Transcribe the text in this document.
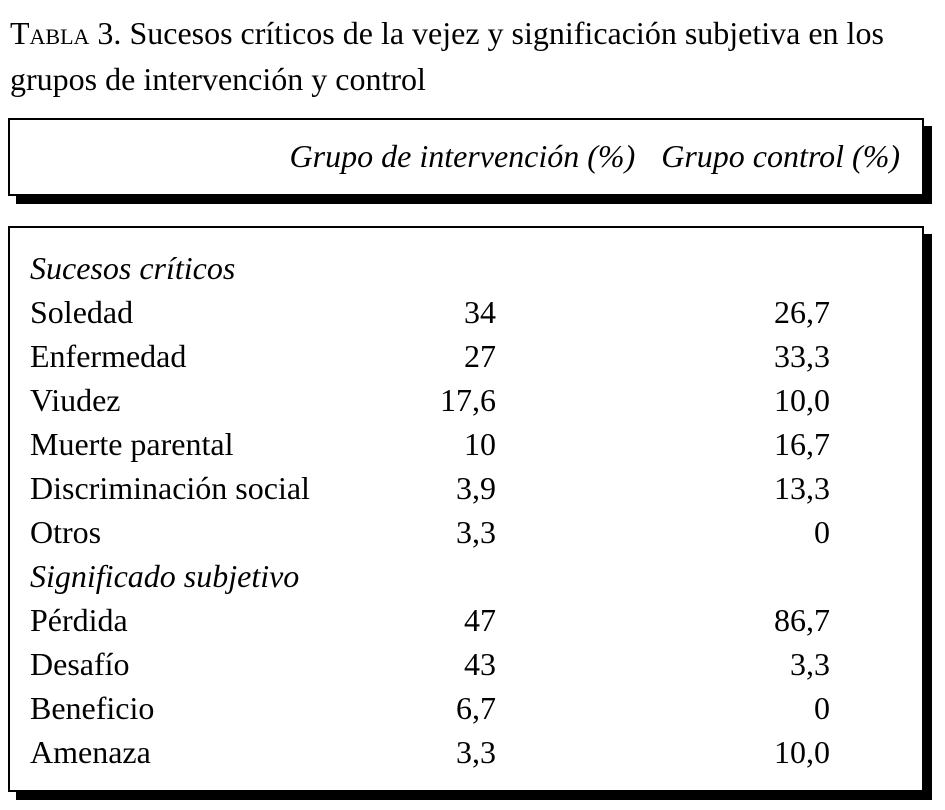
Tabla 3. Sucesos críticos de la vejez y significación subjetiva en los grupos de intervención y control
Grupo de intervención (%) Grupo control (%)
Sucesos críticos
Soledad	34	26,7
Enfermedad	27	33,3
Viudez	17,6	10,0
Muerte parental	10	16,7
Discriminación social	3,9	13,3
Otros	3,3	0
Significado subjetivo
Pérdida	47	86,7
Desafío	43	3,3
Beneficio	6,7	0
Amenaza	3,3	10,0
